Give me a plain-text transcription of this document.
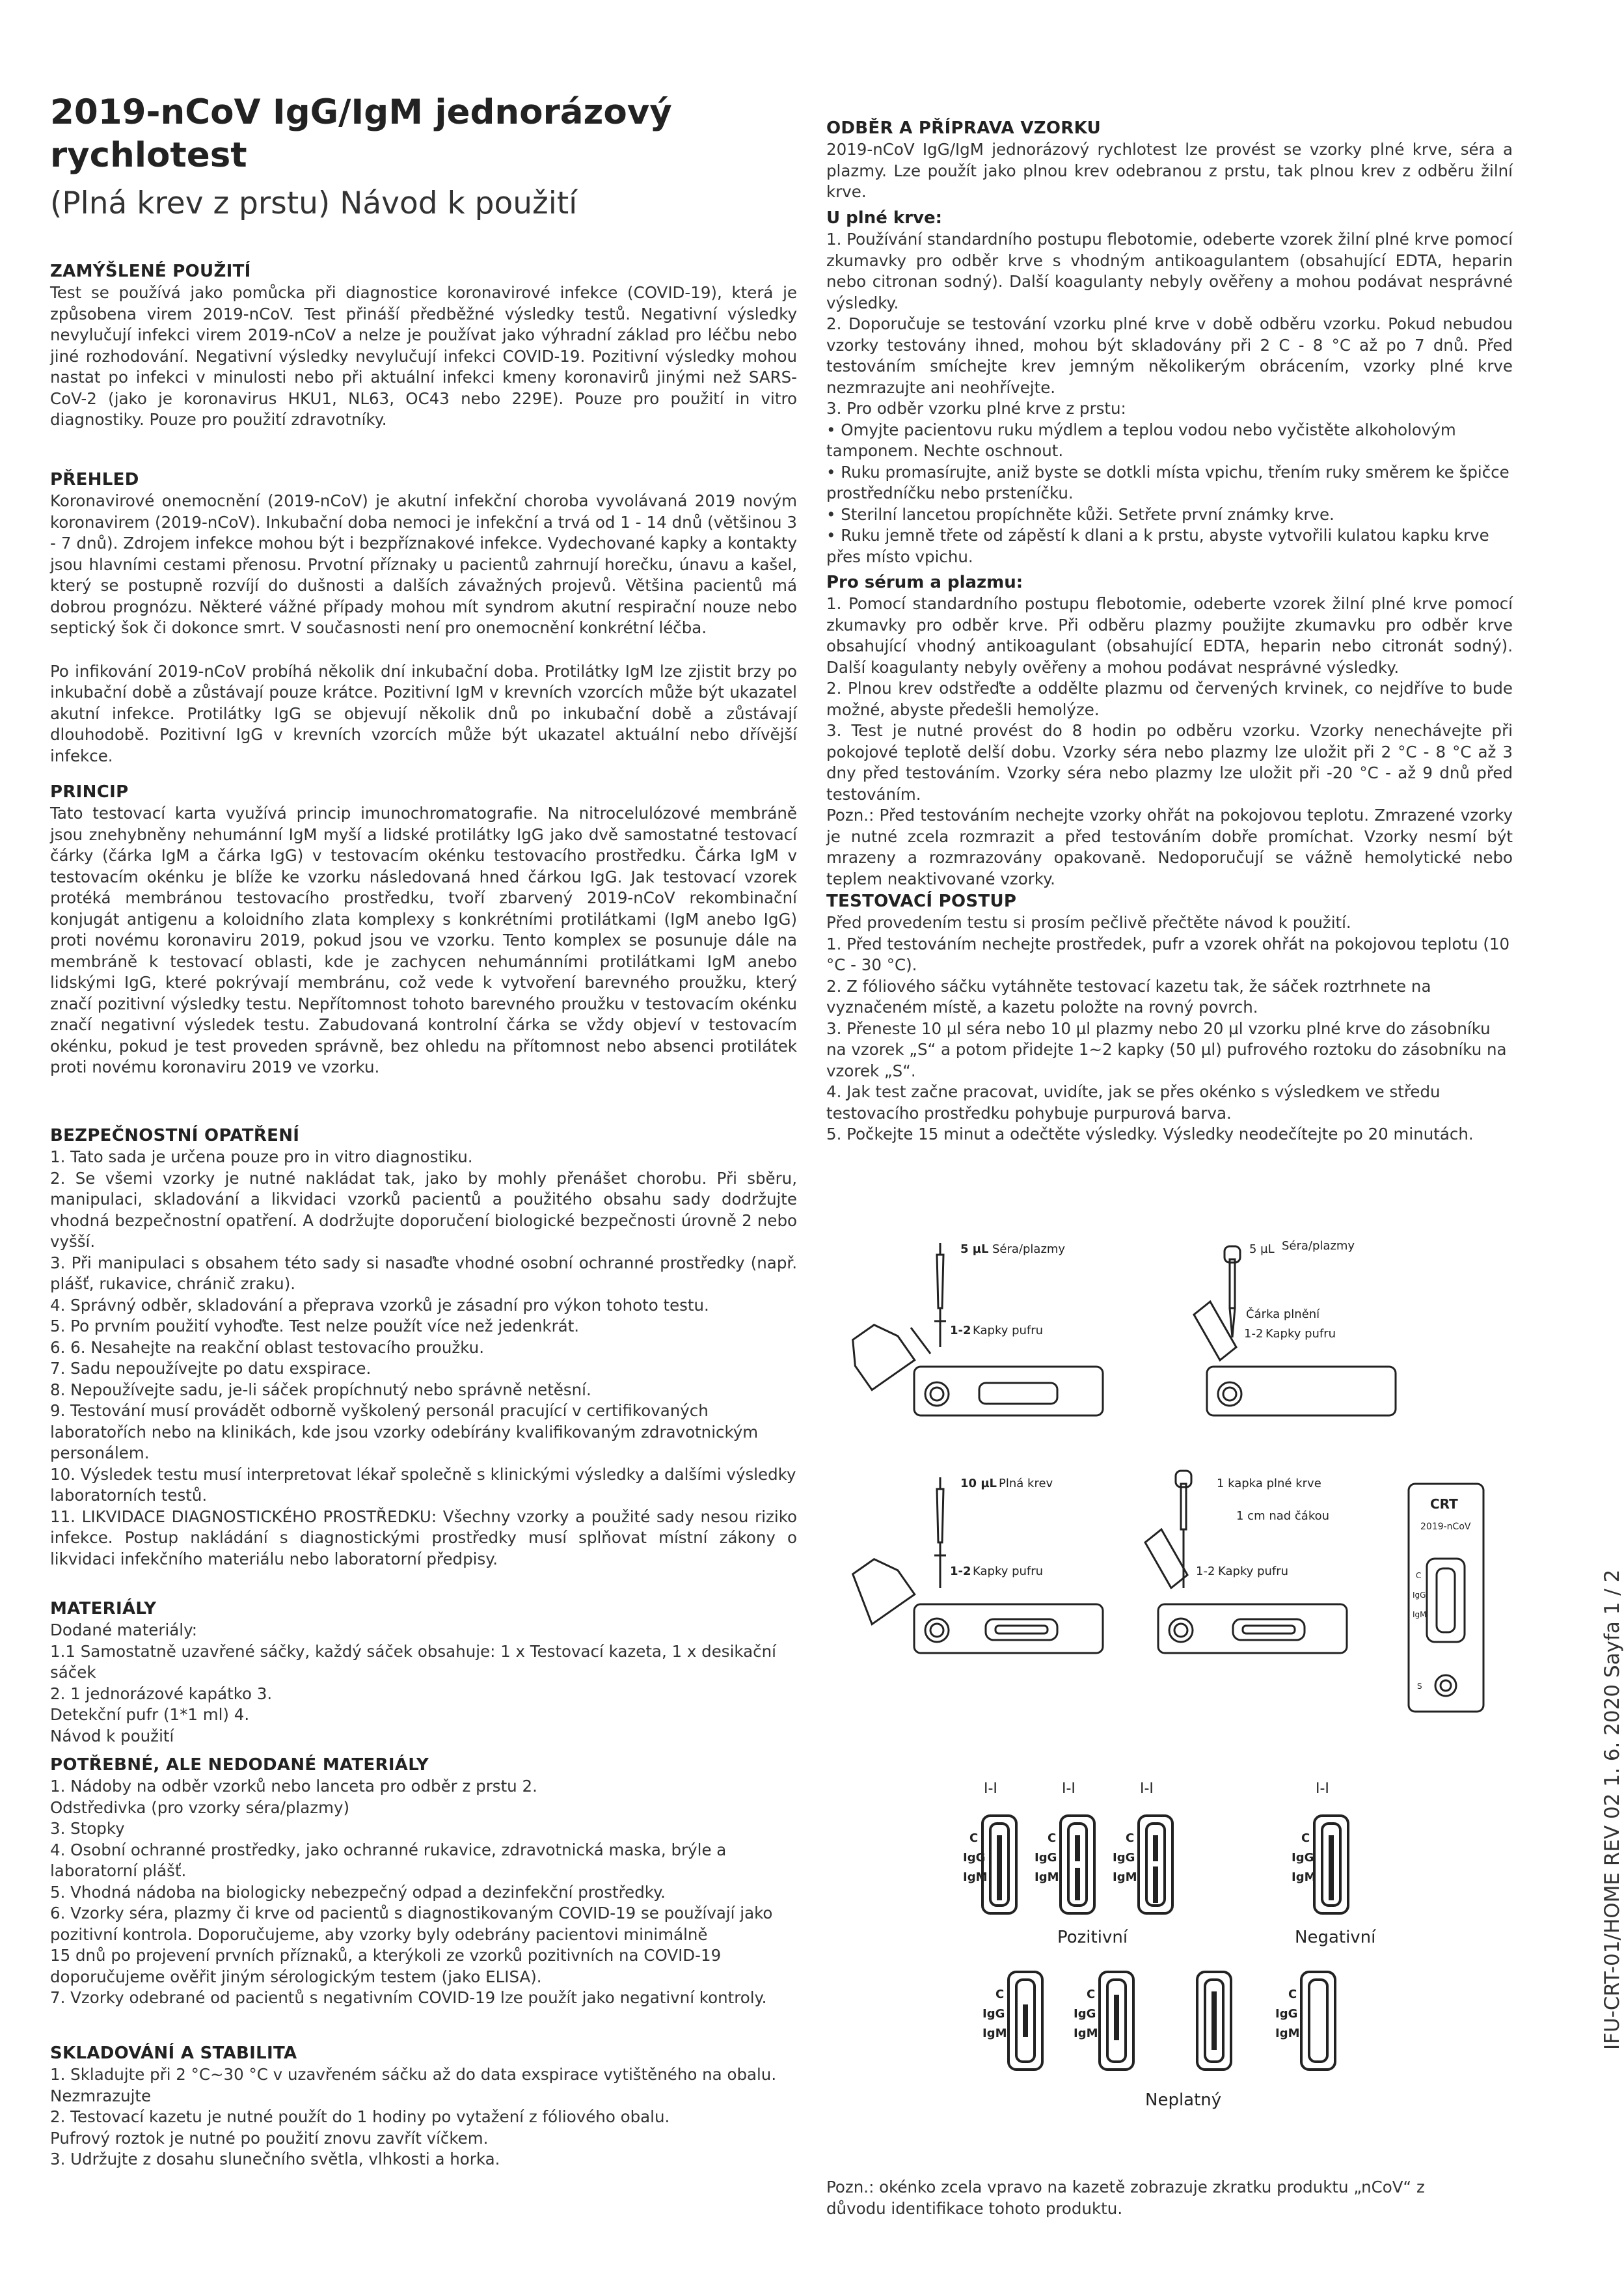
2019-nCoV IgG/IgM jednorázový
rychlotest
(Plná krev z prstu) Návod k použití
ZAMÝŠLENÉ POUŽITÍ
Test se používá jako pomůcka při diagnostice koronavirové infekce (COVID-19), která je způsobena virem 2019-nCoV. Test přináší předběžné výsledky testů. Negativní výsledky nevylučují infekci virem 2019-nCoV a nelze je používat jako výhradní základ pro léčbu nebo jiné rozhodování. Negativní výsledky nevylučují infekci COVID-19. Pozitivní výsledky mohou nastat po infekci v minulosti nebo při aktuální infekci kmeny koronavirů jinými než SARS-CoV-2 (jako je koronavirus HKU1, NL63, OC43 nebo 229E). Pouze pro použití in vitro diagnostiky. Pouze pro použití zdravotníky.
PŘEHLED
Koronavirové onemocnění (2019-nCoV) je akutní infekční choroba vyvolávaná 2019 novým koronavirem (2019-nCoV). Inkubační doba nemoci je infekční a trvá od 1 - 14 dnů (většinou 3 - 7 dnů). Zdrojem infekce mohou být i bezpříznakové infekce. Vydechované kapky a kontakty jsou hlavními cestami přenosu. Prvotní příznaky u pacientů zahrnují horečku, únavu a kašel, který se postupně rozvíjí do dušnosti a dalších závažných projevů. Většina pacientů má dobrou prognózu. Některé vážné případy mohou mít syndrom akutní respirační nouze nebo septický šok či dokonce smrt. V současnosti není pro onemocnění konkrétní léčba.
Po infikování 2019-nCoV probíhá několik dní inkubační doba. Protilátky IgM lze zjistit brzy po inkubační době a zůstávají pouze krátce. Pozitivní IgM v krevních vzorcích může být ukazatel akutní infekce. Protilátky IgG se objevují několik dnů po inkubační době a zůstávají dlouhodobě. Pozitivní IgG v krevních vzorcích může být ukazatel aktuální nebo dřívější infekce.
PRINCIP
Tato testovací karta využívá princip imunochromatografie. Na nitrocelulózové membráně jsou znehybněny nehumánní IgM myší a lidské protilátky IgG jako dvě samostatné testovací čárky (čárka IgM a čárka IgG) v testovacím okénku testovacího prostředku. Čárka IgM v testovacím okénku je blíže ke vzorku následovaná hned čárkou IgG. Jak testovací vzorek protéká membránou testovacího prostředku, tvoří zbarvený 2019-nCoV rekombinační konjugát antigenu a koloidního zlata komplexy s konkrétními protilátkami (IgM anebo IgG) proti novému koronaviru 2019, pokud jsou ve vzorku. Tento komplex se posunuje dále na membráně k testovací oblasti, kde je zachycen nehumánními protilátkami IgM anebo lidskými IgG, které pokrývají membránu, což vede k vytvoření barevného proužku, který značí pozitivní výsledky testu. Nepřítomnost tohoto barevného proužku v testovacím okénku značí negativní výsledek testu. Zabudovaná kontrolní čárka se vždy objeví v testovacím okénku, pokud je test proveden správně, bez ohledu na přítomnost nebo absenci protilátek proti novému koronaviru 2019 ve vzorku.
BEZPEČNOSTNÍ OPATŘENÍ
1. Tato sada je určena pouze pro in vitro diagnostiku.
2. Se všemi vzorky je nutné nakládat tak, jako by mohly přenášet chorobu. Při sběru, manipulaci, skladování a likvidaci vzorků pacientů a použitého obsahu sady dodržujte vhodná bezpečnostní opatření. A dodržujte doporučení biologické bezpečnosti úrovně 2 nebo vyšší.
3. Při manipulaci s obsahem této sady si nasaďte vhodné osobní ochranné prostředky (např. plášť, rukavice, chránič zraku).
4. Správný odběr, skladování a přeprava vzorků je zásadní pro výkon tohoto testu.
5. Po prvním použití vyhoďte. Test nelze použít více než jedenkrát.
6. 6. Nesahejte na reakční oblast testovacího proužku.
7. Sadu nepoužívejte po datu exspirace.
8. Nepoužívejte sadu, je-li sáček propíchnutý nebo správně netěsní.
9. Testování musí provádět odborně vyškolený personál pracující v certifikovaných laboratořích nebo na klinikách, kde jsou vzorky odebírány kvalifikovaným zdravotnickým personálem.
10. Výsledek testu musí interpretovat lékař společně s klinickými výsledky a dalšími výsledky laboratorních testů.
11. LIKVIDACE DIAGNOSTICKÉHO PROSTŘEDKU: Všechny vzorky a použité sady nesou riziko infekce. Postup nakládání s diagnostickými prostředky musí splňovat místní zákony o likvidaci infekčního materiálu nebo laboratorní předpisy.
MATERIÁLY
Dodané materiály:
1.1 Samostatně uzavřené sáčky, každý sáček obsahuje: 1 x Testovací kazeta, 1 x desikační sáček
2. 1 jednorázové kapátko 3.
Detekční pufr (1*1 ml) 4.
Návod k použití
POTŘEBNÉ, ALE NEDODANÉ MATERIÁLY
1. Nádoby na odběr vzorků nebo lanceta pro odběr z prstu 2.
Odstředivka (pro vzorky séra/plazmy)
3. Stopky
4. Osobní ochranné prostředky, jako ochranné rukavice, zdravotnická maska, brýle a laboratorní plášť.
5. Vhodná nádoba na biologicky nebezpečný odpad a dezinfekční prostředky.
6. Vzorky séra, plazmy či krve od pacientů s diagnostikovaným COVID-19 se používají jako pozitivní kontrola. Doporučujeme, aby vzorky byly odebrány pacientovi minimálně
15 dnů po projevení prvních příznaků, a kterýkoli ze vzorků pozitivních na COVID-19 doporučujeme ověřit jiným sérologickým testem (jako ELISA).
7. Vzorky odebrané od pacientů s negativním COVID-19 lze použít jako negativní kontroly.
SKLADOVÁNÍ A STABILITA
1. Skladujte při 2 °C~30 °C v uzavřeném sáčku až do data exspirace vytištěného na obalu.
Nezmrazujte
2. Testovací kazetu je nutné použít do 1 hodiny po vytažení z fóliového obalu.
Pufrový roztok je nutné po použití znovu zavřít víčkem.
3. Udržujte z dosahu slunečního světla, vlhkosti a horka.
ODBĚR A PŘÍPRAVA VZORKU
2019-nCoV IgG/IgM jednorázový rychlotest lze provést se vzorky plné krve, séra a plazmy. Lze použít jako plnou krev odebranou z prstu, tak plnou krev z odběru žilní krve.
U plné krve:
1. Používání standardního postupu flebotomie, odeberte vzorek žilní plné krve pomocí zkumavky pro odběr krve s vhodným antikoagulantem (obsahující EDTA, heparin nebo citronan sodný). Další koagulanty nebyly ověřeny a mohou podávat nesprávné výsledky.
2. Doporučuje se testování vzorku plné krve v době odběru vzorku. Pokud nebudou vzorky testovány ihned, mohou být skladovány při 2 C - 8 °C až po 7 dnů. Před testováním smíchejte krev jemným několikerým obrácením, vzorky plné krve nezmrazujte ani neohřívejte.
3. Pro odběr vzorku plné krve z prstu:
• Omyjte pacientovu ruku mýdlem a teplou vodou nebo vyčistěte alkoholovým tamponem. Nechte oschnout.
• Ruku promasírujte, aniž byste se dotkli místa vpichu, třením ruky směrem ke špičce prostředníčku nebo prsteníčku.
• Sterilní lancetou propíchněte kůži. Setřete první známky krve.
• Ruku jemně třete od zápěstí k dlani a k prstu, abyste vytvořili kulatou kapku krve přes místo vpichu.
Pro sérum a plazmu:
1. Pomocí standardního postupu flebotomie, odeberte vzorek žilní plné krve pomocí zkumavky pro odběr krve. Při odběru plazmy použijte zkumavku pro odběr krve obsahující vhodný antikoagulant (obsahující EDTA, heparin nebo citronát sodný). Další koagulanty nebyly ověřeny a mohou podávat nesprávné výsledky.
2. Plnou krev odstřeďte a oddělte plazmu od červených krvinek, co nejdříve to bude možné, abyste předešli hemolýze.
3. Test je nutné provést do 8 hodin po odběru vzorku. Vzorky nenechávejte při pokojové teplotě delší dobu. Vzorky séra nebo plazmy lze uložit při 2 °C - 8 °C až 3 dny před testováním. Vzorky séra nebo plazmy lze uložit při -20 °C - až 9 dnů před testováním.
Pozn.: Před testováním nechejte vzorky ohřát na pokojovou teplotu. Zmrazené vzorky je nutné zcela rozmrazit a před testováním dobře promíchat. Vzorky nesmí být mrazeny a rozmrazovány opakovaně. Nedoporučují se vážně hemolytické nebo teplem neaktivované vzorky.
TESTOVACÍ POSTUP
Před provedením testu si prosím pečlivě přečtěte návod k použití.
1. Před testováním nechejte prostředek, pufr a vzorek ohřát na pokojovou teplotu (10 °C - 30 °C).
2. Z fóliového sáčku vytáhněte testovací kazetu tak, že sáček roztrhnete na vyznačeném místě, a kazetu položte na rovný povrch.
3. Přeneste 10 µl séra nebo 10 µl plazmy nebo 20 µl vzorku plné krve do zásobníku na vzorek „S“ a potom přidejte 1~2 kapky (50 µl) pufrového roztoku do zásobníku na vzorek „S“.
4. Jak test začne pracovat, uvidíte, jak se přes okénko s výsledkem ve středu testovacího prostředku pohybuje purpurová barva.
5. Počkejte 15 minut a odečtěte výsledky. Výsledky neodečítejte po 20 minutách.
5 µL Séra/plazmy
1-2 Kapky pufru
5 µL Séra/plazmy
Čárka plnění
1-2 Kapky pufru
10 µL Plná krev
1-2 Kapky pufru
1 kapka plné krve
1 cm nad čákou
1-2 Kapky pufru
CRT
2019-nCoV
C
IgG
IgM
S
I-I	I-I	I-I	I-I
C
IgG
IgM
C
IgG
IgM
C
IgG
IgM
C
IgG
IgM
Pozitivní	Negativní
C
IgG
IgM
C
IgG
IgM
C
IgG
IgM
Neplatný
Pozn.: okénko zcela vpravo na kazetě zobrazuje zkratku produktu „nCoV“ z důvodu identifikace tohoto produktu.
IFU-CRT-01/HOME REV 02 1. 6. 2020 Sayfa 1 / 2
